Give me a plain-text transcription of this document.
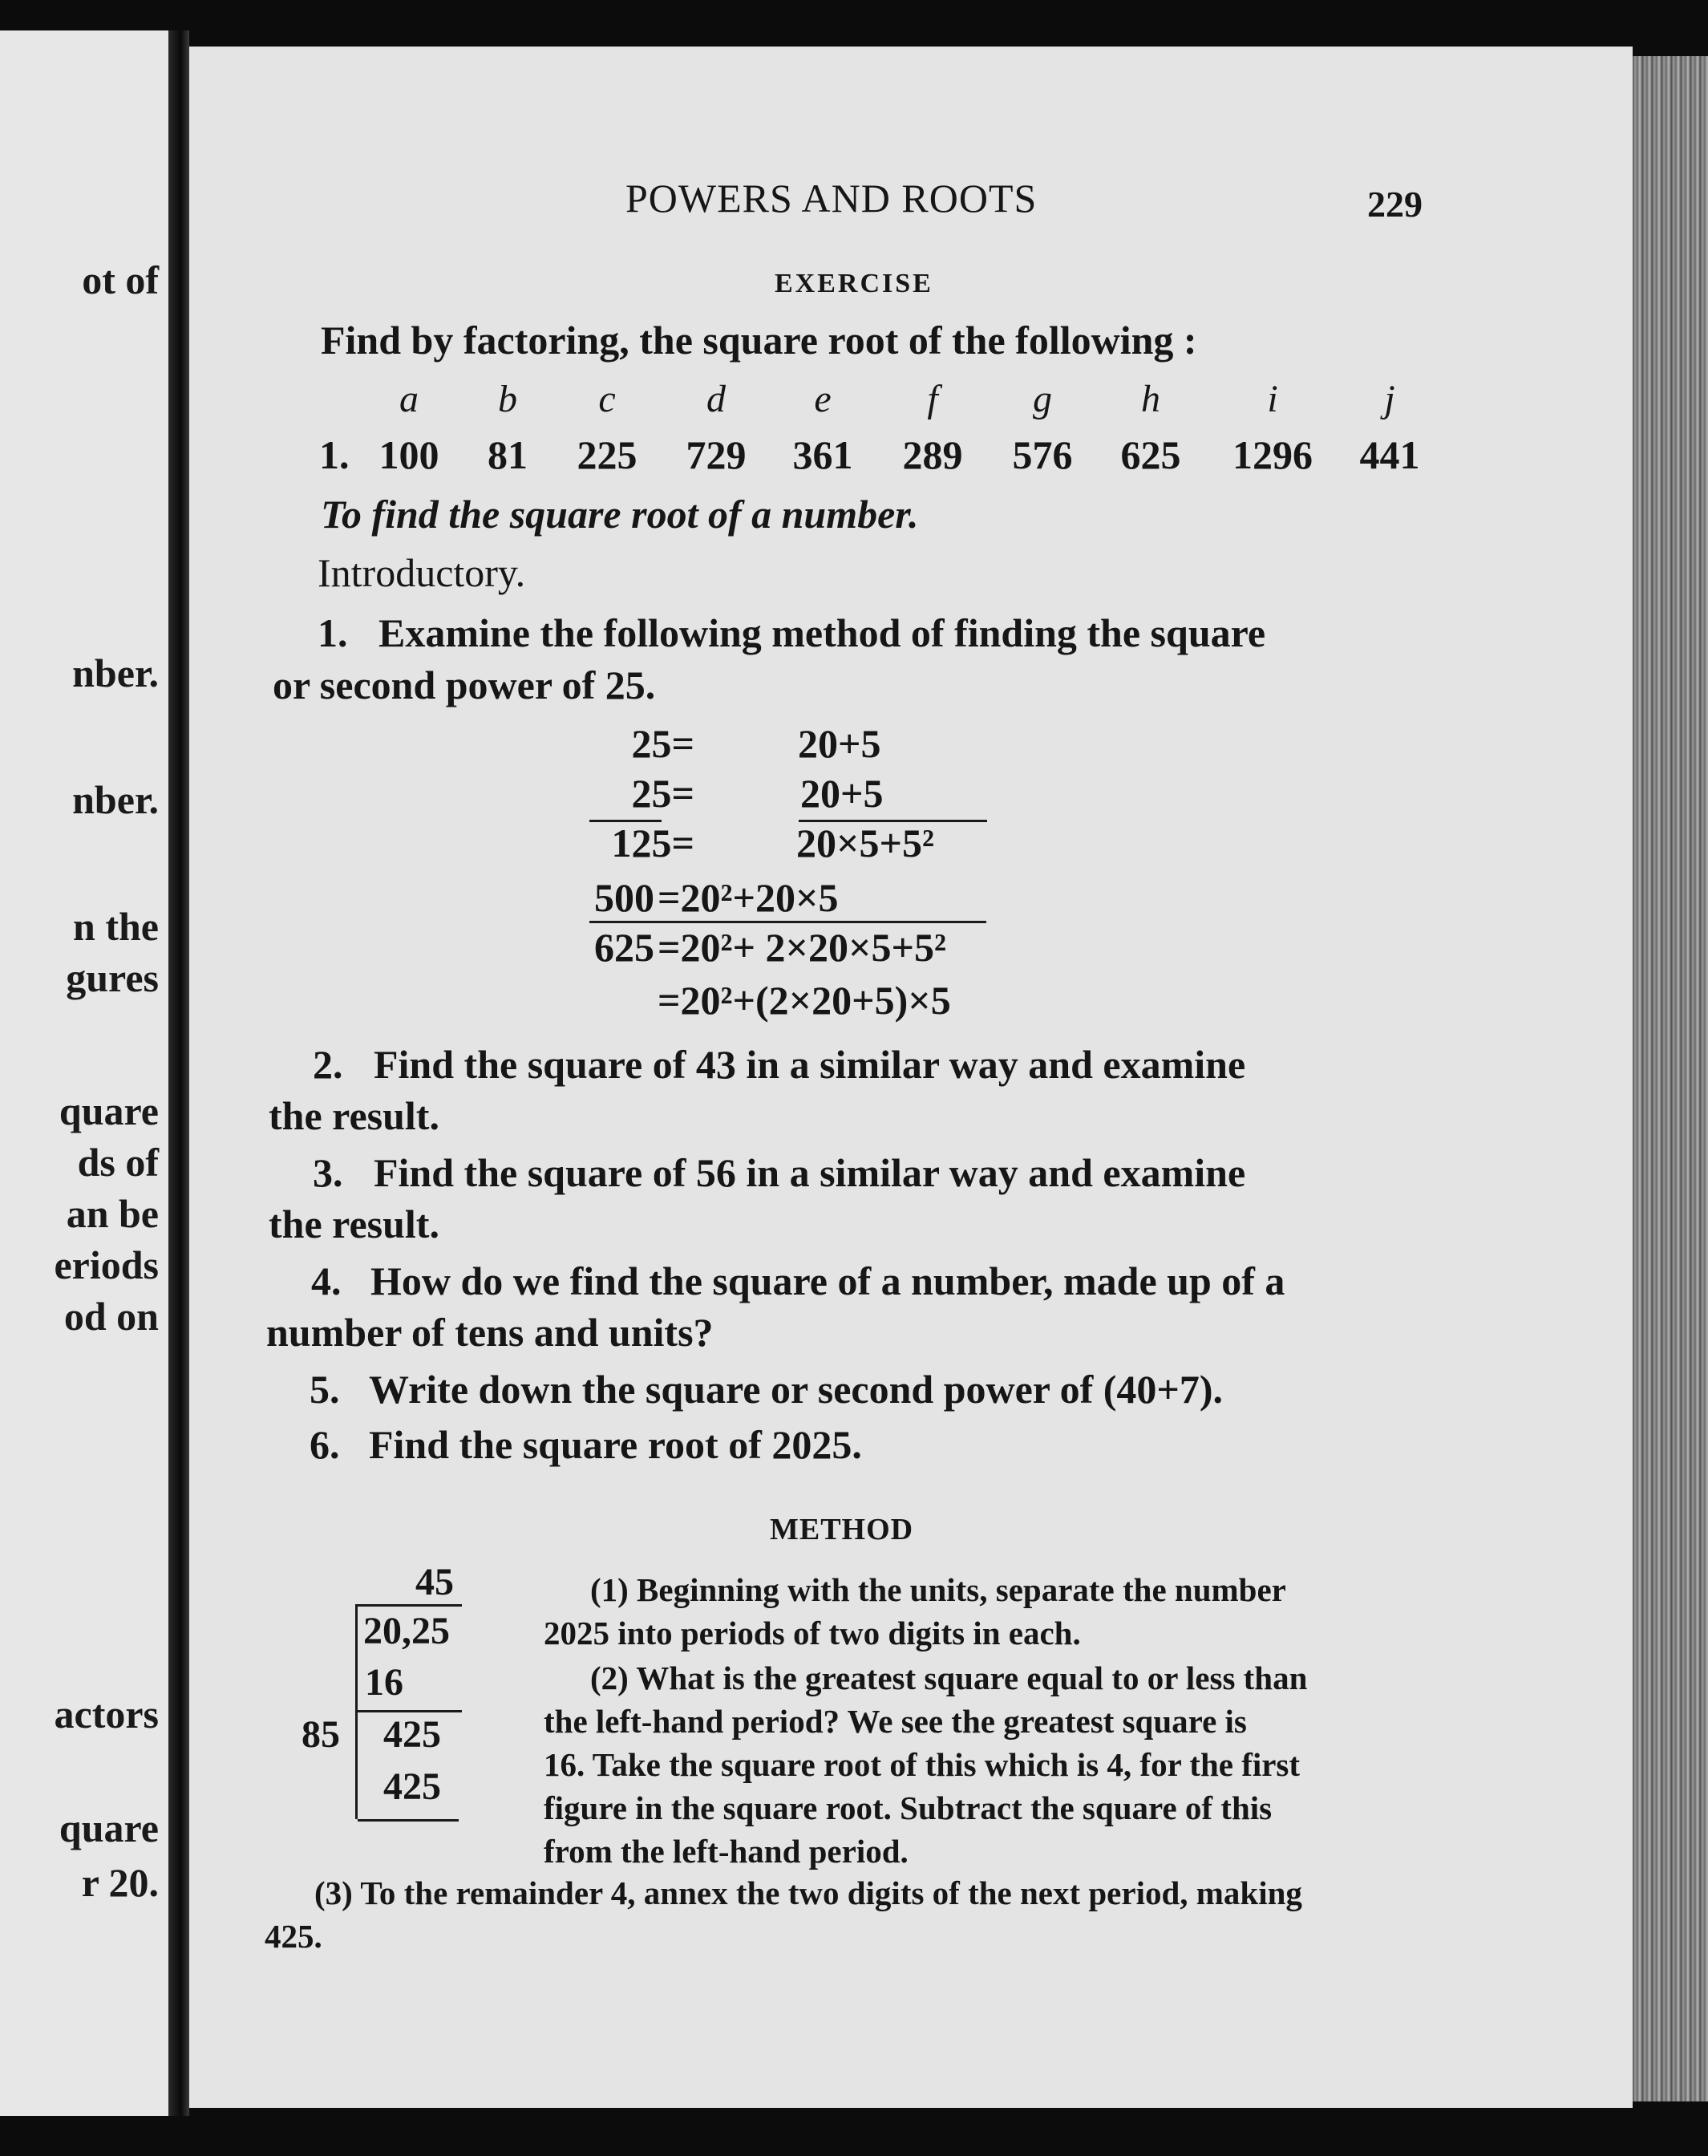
ot of
nber.
nber.
n the
gures
quare
ds of
an be
eriods
od on
actors
quare
r 20.
POWERS AND ROOTS	229
EXERCISE
Find by factoring, the square root of the following :
a b c d e f g h	i	j
1. 100 81 225 729 361 289 576 625 1296 441
To find the square root of a number.
Introductory.
1. Examine the following method of finding the square
or second power of 25.
25=	20+5
25=	20+5
125=	20×5+5²
500 =20²+20×5
625 =20²+ 2×20×5+5²
=20²+(2×20+5)×5
2. Find the square of 43 in a similar way and examine
the result.
3. Find the square of 56 in a similar way and examine
the result.
4. How do we find the square of a number, made up of a
number of tens and units?
5. Write down the square or second power of (40+7).
6. Find the square root of 2025.
METHOD
45
20,25
16
85 425
425
(1) Beginning with the units, separate the number
2025 into periods of two digits in each.
(2) What is the greatest square equal to or less than
the left-hand period? We see the greatest square is
16. Take the square root of this which is 4, for the first
figure in the square root. Subtract the square of this
from the left-hand period.
(3) To the remainder 4, annex the two digits of the next period, making
425.
